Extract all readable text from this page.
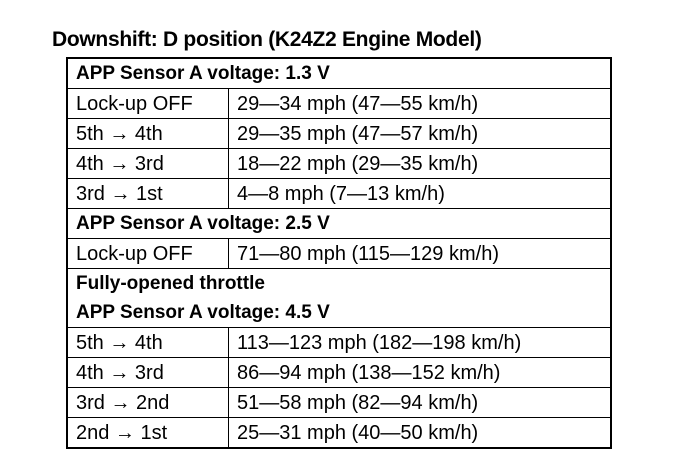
Downshift: D position (K24Z2 Engine Model)
APP Sensor A voltage: 1.3 V	
Lock-up OFF	29—34 mph (47—55 km/h)
5th → 4th	29—35 mph (47—57 km/h)
4th → 3rd	18—22 mph (29—35 km/h)
3rd → 1st	4—8 mph (7—13 km/h)
APP Sensor A voltage: 2.5 V	
Lock-up OFF	71—80 mph (115—129 km/h)
Fully-opened throttle	
APP Sensor A voltage: 4.5 V	
5th → 4th	113—123 mph (182—198 km/h)
4th → 3rd	86—94 mph (138—152 km/h)
3rd → 2nd	51—58 mph (82—94 km/h)
2nd → 1st	25—31 mph (40—50 km/h)
